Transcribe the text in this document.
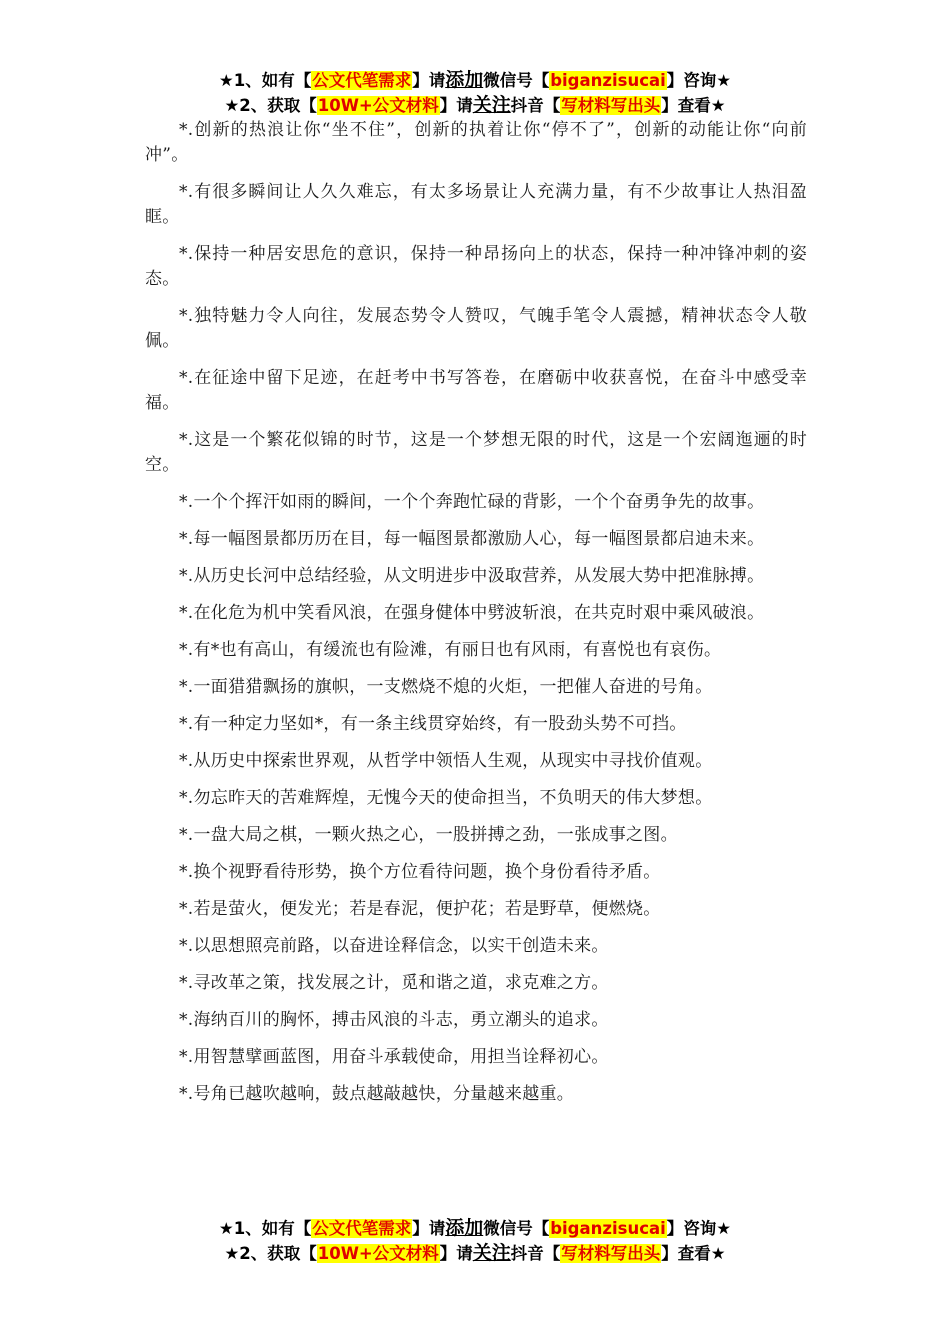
★1、如有【公文代笔需求】请添加微信号【biganzisucai】咨询★
★2、获取【10W+公文材料】请关注抖音【写材料写出头】查看★

*.创新的热浪让你“坐不住”，创新的执着让你“停不了”，创新的动能让你“向前冲”。

*.有很多瞬间让人久久难忘，有太多场景让人充满力量，有不少故事让人热泪盈眶。

*.保持一种居安思危的意识，保持一种昂扬向上的状态，保持一种冲锋冲刺的姿态。

*.独特魅力令人向往，发展态势令人赞叹，气魄手笔令人震撼，精神状态令人敬佩。

*.在征途中留下足迹，在赶考中书写答卷，在磨砺中收获喜悦，在奋斗中感受幸福。

*.这是一个繁花似锦的时节，这是一个梦想无限的时代，这是一个宏阔迤逦的时空。

*.一个个挥汗如雨的瞬间，一个个奔跑忙碌的背影，一个个奋勇争先的故事。

*.每一幅图景都历历在目，每一幅图景都激励人心，每一幅图景都启迪未来。

*.从历史长河中总结经验，从文明进步中汲取营养，从发展大势中把准脉搏。

*.在化危为机中笑看风浪，在强身健体中劈波斩浪，在共克时艰中乘风破浪。

*.有*也有高山，有缓流也有险滩，有丽日也有风雨，有喜悦也有哀伤。

*.一面猎猎飘扬的旗帜，一支燃烧不熄的火炬，一把催人奋进的号角。

*.有一种定力坚如*，有一条主线贯穿始终，有一股劲头势不可挡。

*.从历史中探索世界观，从哲学中领悟人生观，从现实中寻找价值观。

*.勿忘昨天的苦难辉煌，无愧今天的使命担当，不负明天的伟大梦想。

*.一盘大局之棋，一颗火热之心，一股拼搏之劲，一张成事之图。

*.换个视野看待形势，换个方位看待问题，换个身份看待矛盾。

*.若是萤火，便发光；若是春泥，便护花；若是野草，便燃烧。

*.以思想照亮前路，以奋进诠释信念，以实干创造未来。

*.寻改革之策，找发展之计，觅和谐之道，求克难之方。

*.海纳百川的胸怀，搏击风浪的斗志，勇立潮头的追求。

*.用智慧擘画蓝图，用奋斗承载使命，用担当诠释初心。

*.号角已越吹越响，鼓点越敲越快，分量越来越重。

★1、如有【公文代笔需求】请添加微信号【biganzisucai】咨询★
★2、获取【10W+公文材料】请关注抖音【写材料写出头】查看★
